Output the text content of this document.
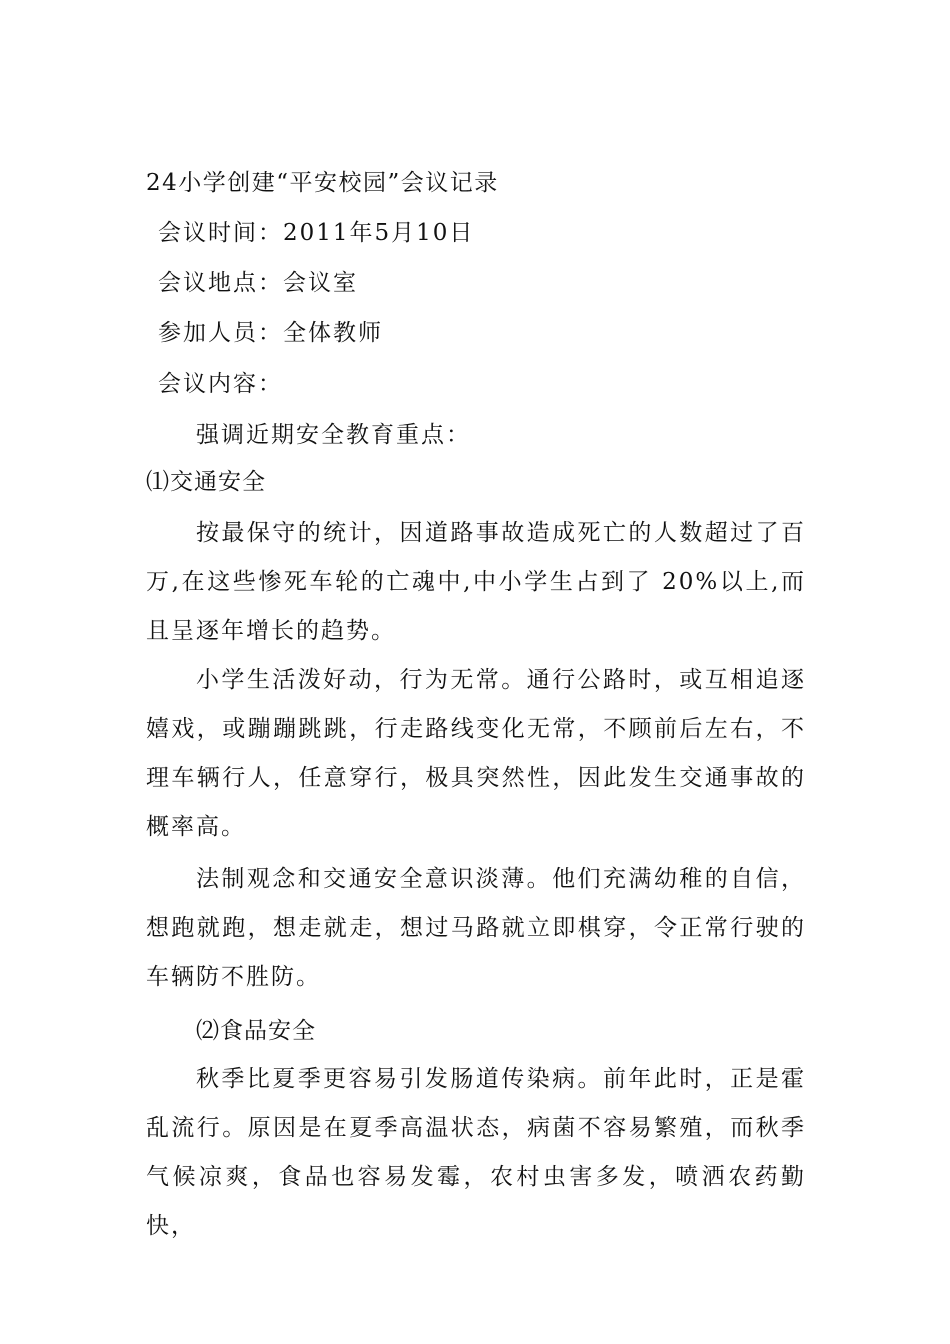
24小学创建“平安校园”会议记录
会议时间：2011年5月10日
会议地点：会议室
参加人员：全体教师
会议内容：
强调近期安全教育重点：
⑴交通安全
按最保守的统计，因道路事故造成死亡的人数超过了百万,在这些惨死车轮的亡魂中,中小学生占到了 20%以上,而且呈逐年增长的趋势。
小学生活泼好动，行为无常。通行公路时，或互相追逐嬉戏，或蹦蹦跳跳，行走路线变化无常，不顾前后左右，不理车辆行人，任意穿行，极具突然性，因此发生交通事故的概率高。
法制观念和交通安全意识淡薄。他们充满幼稚的自信，想跑就跑，想走就走，想过马路就立即棋穿，令正常行驶的车辆防不胜防。
⑵食品安全
秋季比夏季更容易引发肠道传染病。前年此时，正是霍乱流行。原因是在夏季高温状态，病菌不容易繁殖，而秋季气候凉爽，食品也容易发霉，农村虫害多发，喷洒农药勤快，
